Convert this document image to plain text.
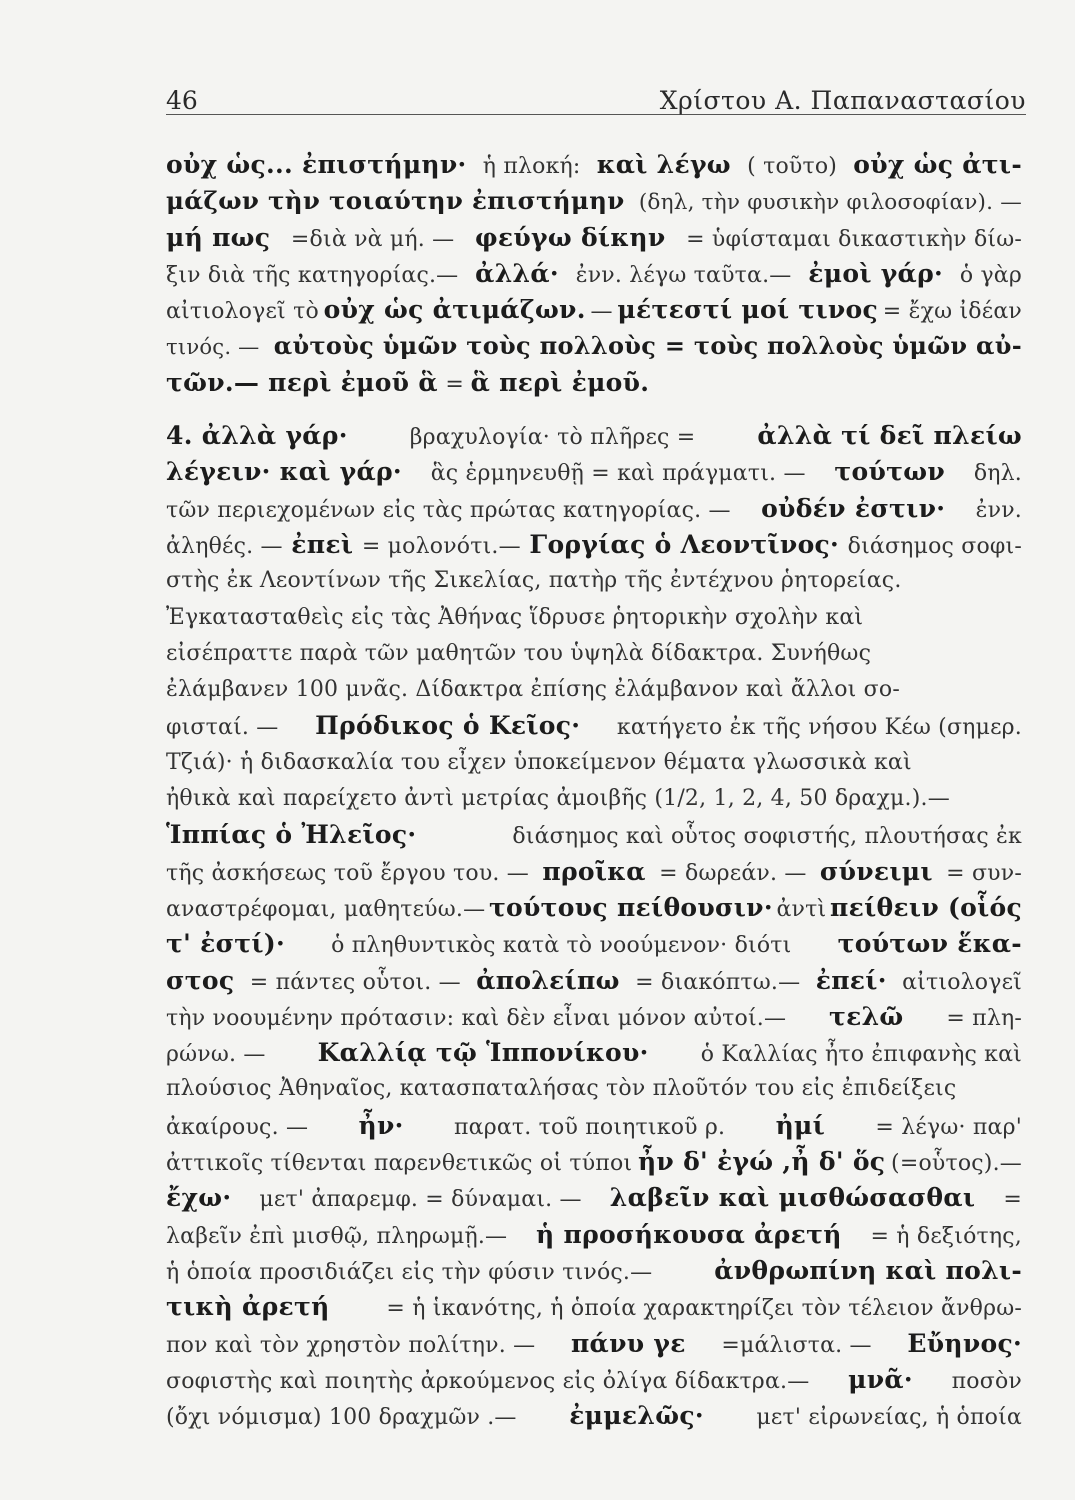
46	Χρίστου Α. Παπαναστασίου
οὐχ ὡς... ἐπιστήμην· ἡ πλοκή: καὶ λέγω ( τοῦτο) οὐχ ὡς ἀτι-
μάζων τὴν τοιαύτην ἐπιστήμην (δηλ, τὴν φυσικὴν φιλοσοφίαν). —
μή πως =διὰ νὰ μή. — φεύγω δίκην = ὑφίσταμαι δικαστικὴν δίω-
ξιν διὰ τῆς κατηγορίας.— ἀλλά· ἐνν. λέγω ταῦτα.— ἐμοὶ γάρ· ὁ γὰρ
αἰτιολογεῖ τὸ οὐχ ὡς ἀτιμάζων. — μέτεστί μοί τινος = ἔχω ἰδέαν
τινός. — αὐτοὺς ὑμῶν τοὺς πολλοὺς = τοὺς πολλοὺς ὑμῶν αὐ-
τῶν.— περὶ ἐμοῦ ἃ = ἃ περὶ ἐμοῦ.
4. ἀλλὰ γάρ·	βραχυλογία· τὸ πλῆρες = ἀλλὰ τί δεῖ πλείω
λέγειν· καὶ γάρ· ἃς ἑρμηνευθῇ = καὶ πράγματι. — τούτων δηλ.
τῶν περιεχομένων εἰς τὰς πρώτας κατηγορίας. — οὐδέν ἐστιν· ἐνν.
ἀληθές. — ἐπεὶ = μολονότι.— Γοργίας ὁ Λεοντῖνος· διάσημος σοφι-
στὴς ἐκ Λεοντίνων τῆς Σικελίας, πατὴρ τῆς ἐντέχνου ῥητορείας.
Ἐγκατασταθεὶς εἰς τὰς Ἀθήνας ἵδρυσε ῥητορικὴν σχολὴν καὶ
εἰσέπραττε παρὰ τῶν μαθητῶν του ὑψηλὰ δίδακτρα. Συνήθως
ἐλάμβανεν 100 μνᾶς. Δίδακτρα ἐπίσης ἐλάμβανον καὶ ἄλλοι σο-
φισταί. — Πρόδικος ὁ Κεῖος· κατήγετο ἐκ τῆς νήσου Κέω (σημερ.
Τζιά)· ἡ διδασκαλία του εἶχεν ὑποκείμενον θέματα γλωσσικὰ καὶ
ἠθικὰ καὶ παρείχετο ἀντὶ μετρίας ἀμοιβῆς (1/2, 1, 2, 4, 50 δραχμ.).—
Ἱππίας ὁ Ἠλεῖος·	διάσημος καὶ οὗτος σοφιστής, πλουτήσας ἐκ
τῆς ἀσκήσεως τοῦ ἔργου του. — προῖκα = δωρεάν. — σύνειμι = συν-
αναστρέφομαι, μαθητεύω.— τούτους πείθουσιν· ἀντὶ πείθειν (οἷός
τ' ἐστί)· ὁ πληθυντικὸς κατὰ τὸ νοούμενον· διότι τούτων ἕκα-
στος = πάντες οὗτοι. — ἀπολείπω = διακόπτω.— ἐπεί· αἰτιολογεῖ
τὴν νοουμένην πρότασιν: καὶ δὲν εἶναι μόνον αὐτοί.— τελῶ = πλη-
ρώνω. — Καλλίᾳ τῷ Ἱππονίκου· ὁ Καλλίας ἦτο ἐπιφανὴς καὶ
πλούσιος Ἀθηναῖος, κατασπαταλήσας τὸν πλοῦτόν του εἰς ἐπιδείξεις
ἀκαίρους. — ἦν· παρατ. τοῦ ποιητικοῦ ρ. ἠμί = λέγω· παρ'
ἀττικοῖς τίθενται παρενθετικῶς οἱ τύποι ἦν δ' ἐγώ ,ἦ δ' ὅς (=οὗτος).—
ἔχω· μετ' ἀπαρεμφ. = δύναμαι. — λαβεῖν καὶ μισθώσασθαι =
λαβεῖν ἐπὶ μισθῷ, πληρωμῇ.— ἡ προσήκουσα ἀρετή = ἡ δεξιότης,
ἡ ὁποία προσιδιάζει εἰς τὴν φύσιν τινός.— ἀνθρωπίνη καὶ πολι-
τικὴ ἀρετή	= ἡ ἱκανότης, ἡ ὁποία χαρακτηρίζει τὸν τέλειον ἄνθρω-
πον καὶ τὸν χρηστὸν πολίτην. — πάνυ γε =μάλιστα. — Εὔηνος·
σοφιστὴς καὶ ποιητὴς ἀρκούμενος εἰς ὀλίγα δίδακτρα.— μνᾶ· ποσὸν
(ὄχι νόμισμα) 100 δραχμῶν .— ἐμμελῶς· μετ' εἰρωνείας, ἡ ὁποία
